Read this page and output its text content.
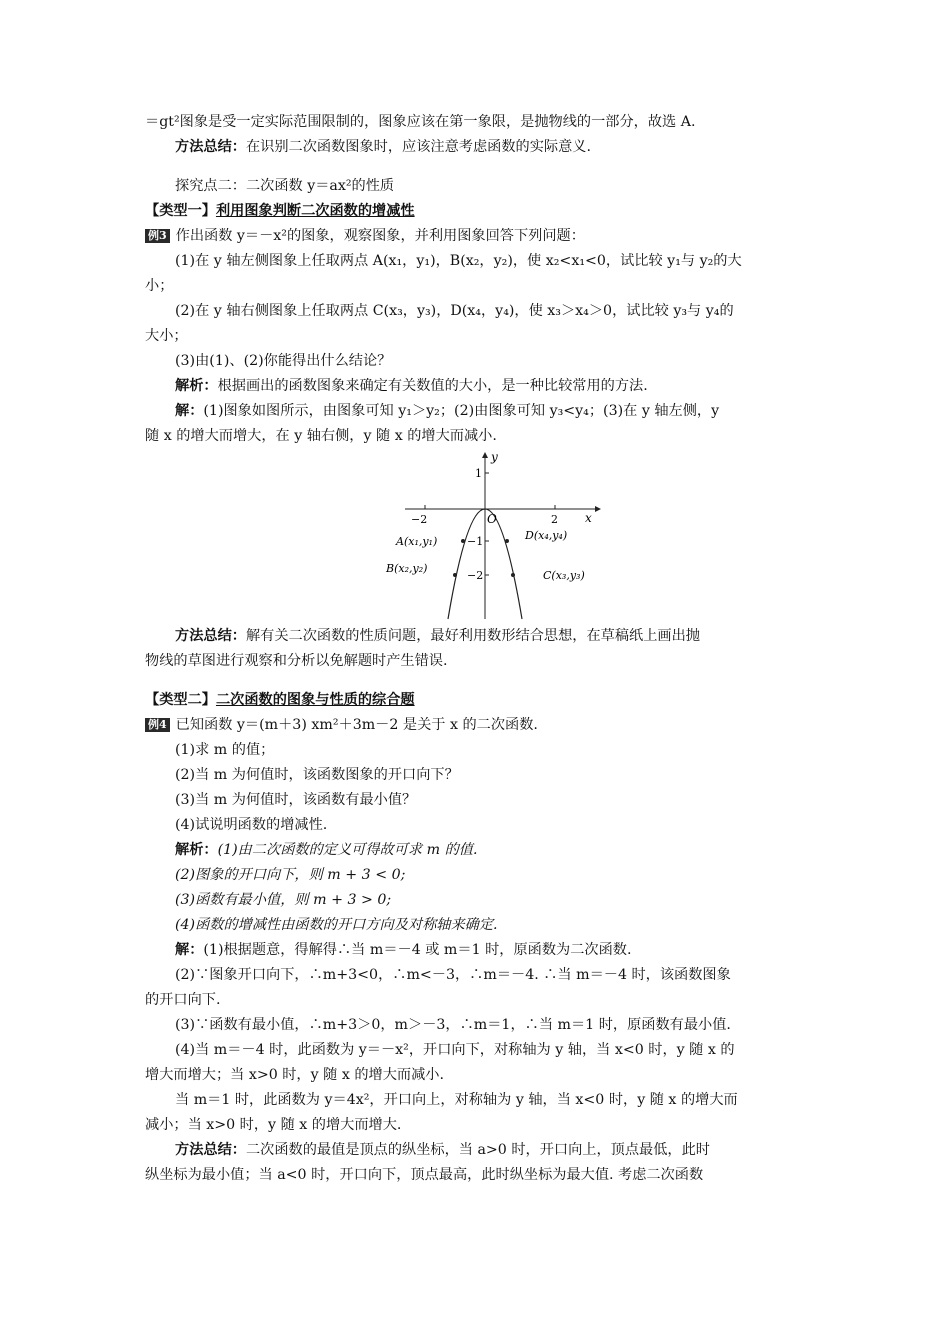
＝gt²图象是受一定实际范围限制的，图象应该在第一象限，是抛物线的一部分，故选 A.
方法总结：在识别二次函数图象时，应该注意考虑函数的实际意义.
探究点二：二次函数 y＝ax²的性质
【类型一】利用图象判断二次函数的增减性
例3 作出函数 y＝－x²的图象，观察图象，并利用图象回答下列问题：
(1)在 y 轴左侧图象上任取两点 A(x₁，y₁)，B(x₂，y₂)，使 x₂<x₁<0，试比较 y₁与 y₂的大
小；
(2)在 y 轴右侧图象上任取两点 C(x₃，y₃)，D(x₄，y₄)，使 x₃＞x₄＞0，试比较 y₃与 y₄的
大小；
(3)由(1)、(2)你能得出什么结论？
解析：根据画出的函数图象来确定有关数值的大小，是一种比较常用的方法.
解：(1)图象如图所示，由图象可知 y₁＞y₂；(2)由图象可知 y₃<y₄；(3)在 y 轴左侧，y
随 x 的增大而增大，在 y 轴右侧，y 随 x 的增大而减小.
x
y
O
−2	2
1
−1
−2
A(x₁,y₁)
B(x₂,y₂)
C(x₃,y₃)
D(x₄,y₄)
方法总结：解有关二次函数的性质问题，最好利用数形结合思想，在草稿纸上画出抛
物线的草图进行观察和分析以免解题时产生错误.
【类型二】二次函数的图象与性质的综合题
例4 已知函数 y＝(m＋3) xm²＋3m－2 是关于 x 的二次函数.
(1)求 m 的值；
(2)当 m 为何值时，该函数图象的开口向下？
(3)当 m 为何值时，该函数有最小值？
(4)试说明函数的增减性.
解析：(1)由二次函数的定义可得故可求 m 的值.
(2)图象的开口向下，则 m + 3 < 0;
(3)函数有最小值，则 m + 3 > 0;
(4)函数的增减性由函数的开口方向及对称轴来确定.
解：(1)根据题意，得解得∴当 m＝－4 或 m＝1 时，原函数为二次函数.
(2)∵图象开口向下，∴m+3<0，∴m<－3，∴m＝－4. ∴当 m＝－4 时，该函数图象
的开口向下.
(3)∵函数有最小值，∴m+3＞0，m＞－3，∴m＝1，∴当 m＝1 时，原函数有最小值.
(4)当 m＝－4 时，此函数为 y＝－x²，开口向下，对称轴为 y 轴，当 x<0 时，y 随 x 的
增大而增大；当 x>0 时，y 随 x 的增大而减小.
当 m＝1 时，此函数为 y＝4x²，开口向上，对称轴为 y 轴，当 x<0 时，y 随 x 的增大而
减小；当 x>0 时，y 随 x 的增大而增大.
方法总结：二次函数的最值是顶点的纵坐标，当 a>0 时，开口向上，顶点最低，此时
纵坐标为最小值；当 a<0 时，开口向下，顶点最高，此时纵坐标为最大值. 考虑二次函数
